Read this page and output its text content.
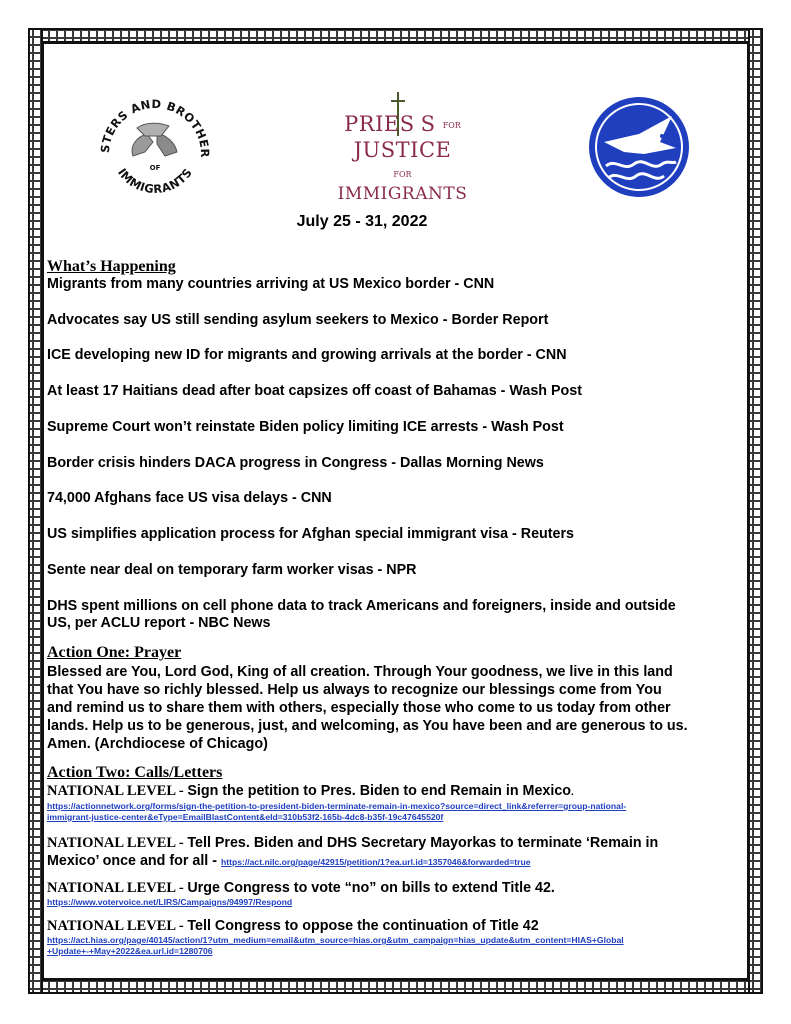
STERS AND BROTHER
IMMIGRANTS
OF
PRIES S FOR
JUSTICE
FOR IMMIGRANTS
July 25 - 31, 2022
What’s Happening
Migrants from many countries arriving at US Mexico border - CNN
Advocates say US still sending asylum seekers to Mexico - Border Report
ICE developing new ID for migrants and growing arrivals at the border - CNN
At least 17 Haitians dead after boat capsizes off coast of Bahamas - Wash Post
Supreme Court won’t reinstate Biden policy limiting ICE arrests - Wash Post
Border crisis hinders DACA progress in Congress - Dallas Morning News
74,000 Afghans face US visa delays - CNN
US simplifies application process for Afghan special immigrant visa - Reuters
Sente near deal on temporary farm worker visas - NPR
DHS spent millions on cell phone data to track Americans and foreigners, inside and outside
US, per ACLU report - NBC News
Action One: Prayer
Blessed are You, Lord God, King of all creation. Through Your goodness, we live in this land
that You have so richly blessed. Help us always to recognize our blessings come from You
and remind us to share them with others, especially those who come to us today from other
lands. Help us to be generous, just, and welcoming, as You have been and are generous to us.
Amen. (Archdiocese of Chicago)
Action Two: Calls/Letters
NATIONAL LEVEL - Sign the petition to Pres. Biden to end Remain in Mexico.
https://actionnetwork.org/forms/sign-the-petition-to-president-biden-terminate-remain-in-mexico?source=direct_link&referrer=group-national-
immigrant-justice-center&eType=EmailBlastContent&eId=310b53f2-165b-4dc8-b35f-19c47645520f
NATIONAL LEVEL - Tell Pres. Biden and DHS Secretary Mayorkas to terminate ‘Remain in
Mexico’ once and for all - https://act.nilc.org/page/42915/petition/1?ea.url.id=1357046&forwarded=true
NATIONAL LEVEL - Urge Congress to vote “no” on bills to extend Title 42.
https://www.votervoice.net/LIRS/Campaigns/94997/Respond
NATIONAL LEVEL - Tell Congress to oppose the continuation of Title 42
https://act.hias.org/page/40145/action/1?utm_medium=email&utm_source=hias.org&utm_campaign=hias_update&utm_content=HIAS+Global
+Update+-+May+2022&ea.url.id=1280706
